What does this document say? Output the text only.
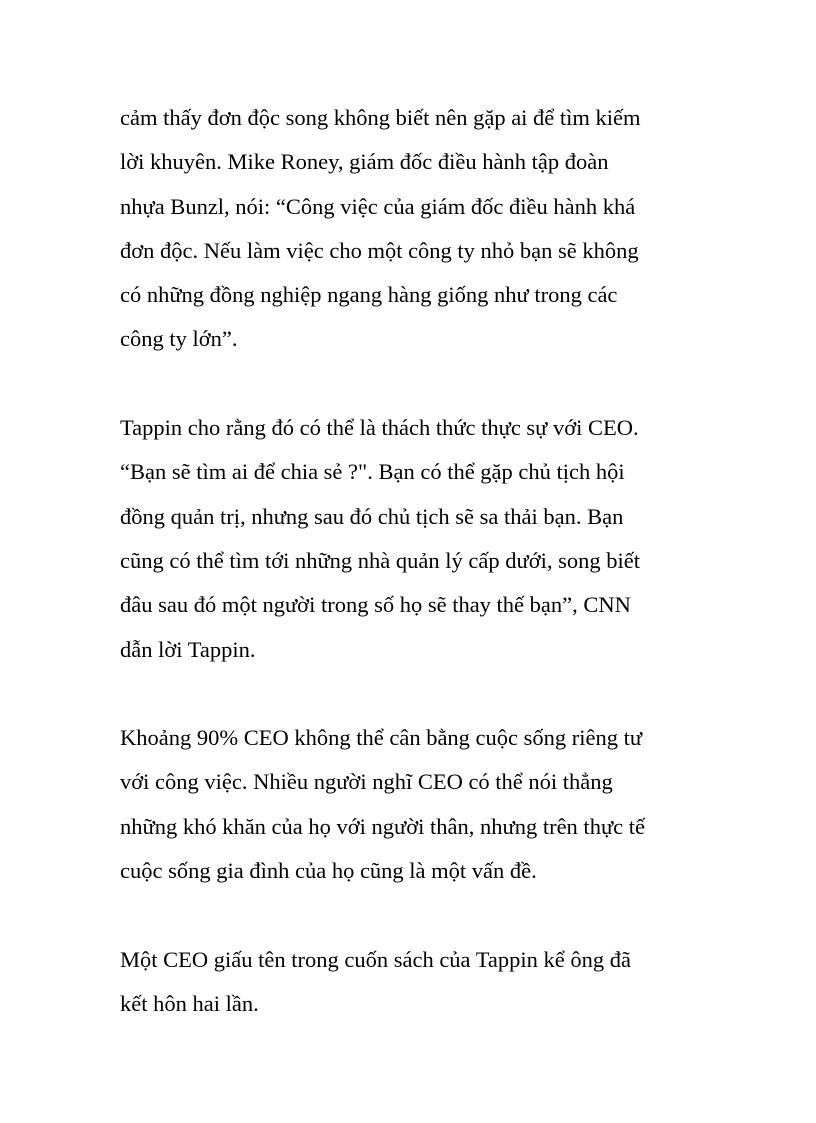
cảm thấy đơn độc song không biết nên gặp ai để tìm kiếm
lời khuyên. Mike Roney, giám đốc điều hành tập đoàn
nhựa Bunzl, nói: “Công việc của giám đốc điều hành khá
đơn độc. Nếu làm việc cho một công ty nhỏ bạn sẽ không
có những đồng nghiệp ngang hàng giống như trong các
công ty lớn”.
Tappin cho rằng đó có thể là thách thức thực sự với CEO.
“Bạn sẽ tìm ai để chia sẻ ?". Bạn có thể gặp chủ tịch hội
đồng quản trị, nhưng sau đó chủ tịch sẽ sa thải bạn. Bạn
cũng có thể tìm tới những nhà quản lý cấp dưới, song biết
đâu sau đó một người trong số họ sẽ thay thế bạn”, CNN
dẫn lời Tappin.
Khoảng 90% CEO không thể cân bằng cuộc sống riêng tư
với công việc. Nhiều người nghĩ CEO có thể nói thẳng
những khó khăn của họ với người thân, nhưng trên thực tế
cuộc sống gia đình của họ cũng là một vấn đề.
Một CEO giấu tên trong cuốn sách của Tappin kể ông đã
kết hôn hai lần.
